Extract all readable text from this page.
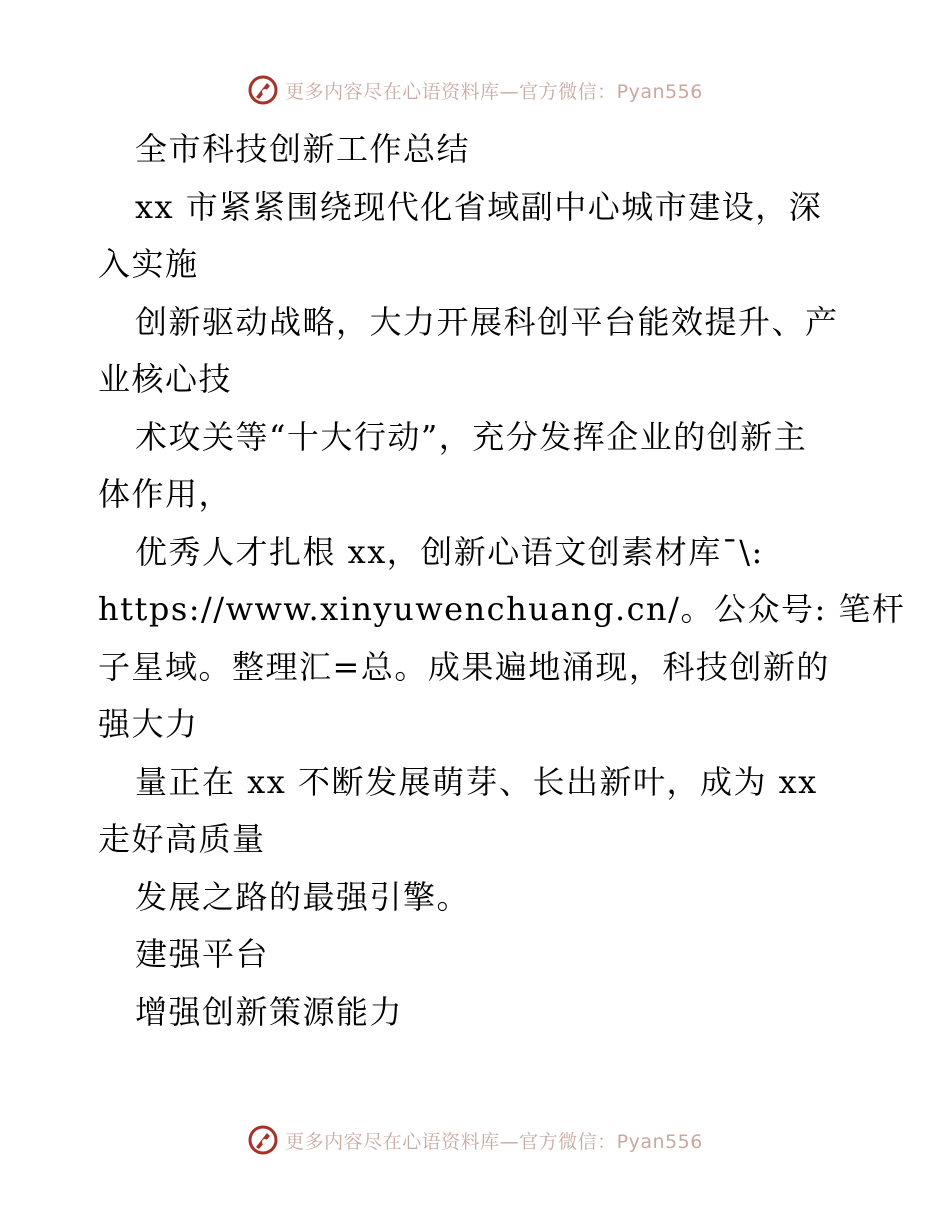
更多内容尽在心语资料库—官方微信：Pyan556
全市科技创新工作总结
xx 市紧紧围绕现代化省域副中心城市建设，深
入实施
创新驱动战略，大力开展科创平台能效提升、产
业核心技
术攻关等“十大行动”，充分发挥企业的创新主
体作用，
优秀人才扎根 xx，创新心语文创素材库¯\:
https://www.xinyuwenchuang.cn/。公众号: 笔杆
子星域。整理汇=总。成果遍地涌现，科技创新的
强大力
量正在 xx 不断发展萌芽、长出新叶，成为 xx
走好高质量
发展之路的最强引擎。
建强平台
增强创新策源能力
更多内容尽在心语资料库—官方微信：Pyan556
